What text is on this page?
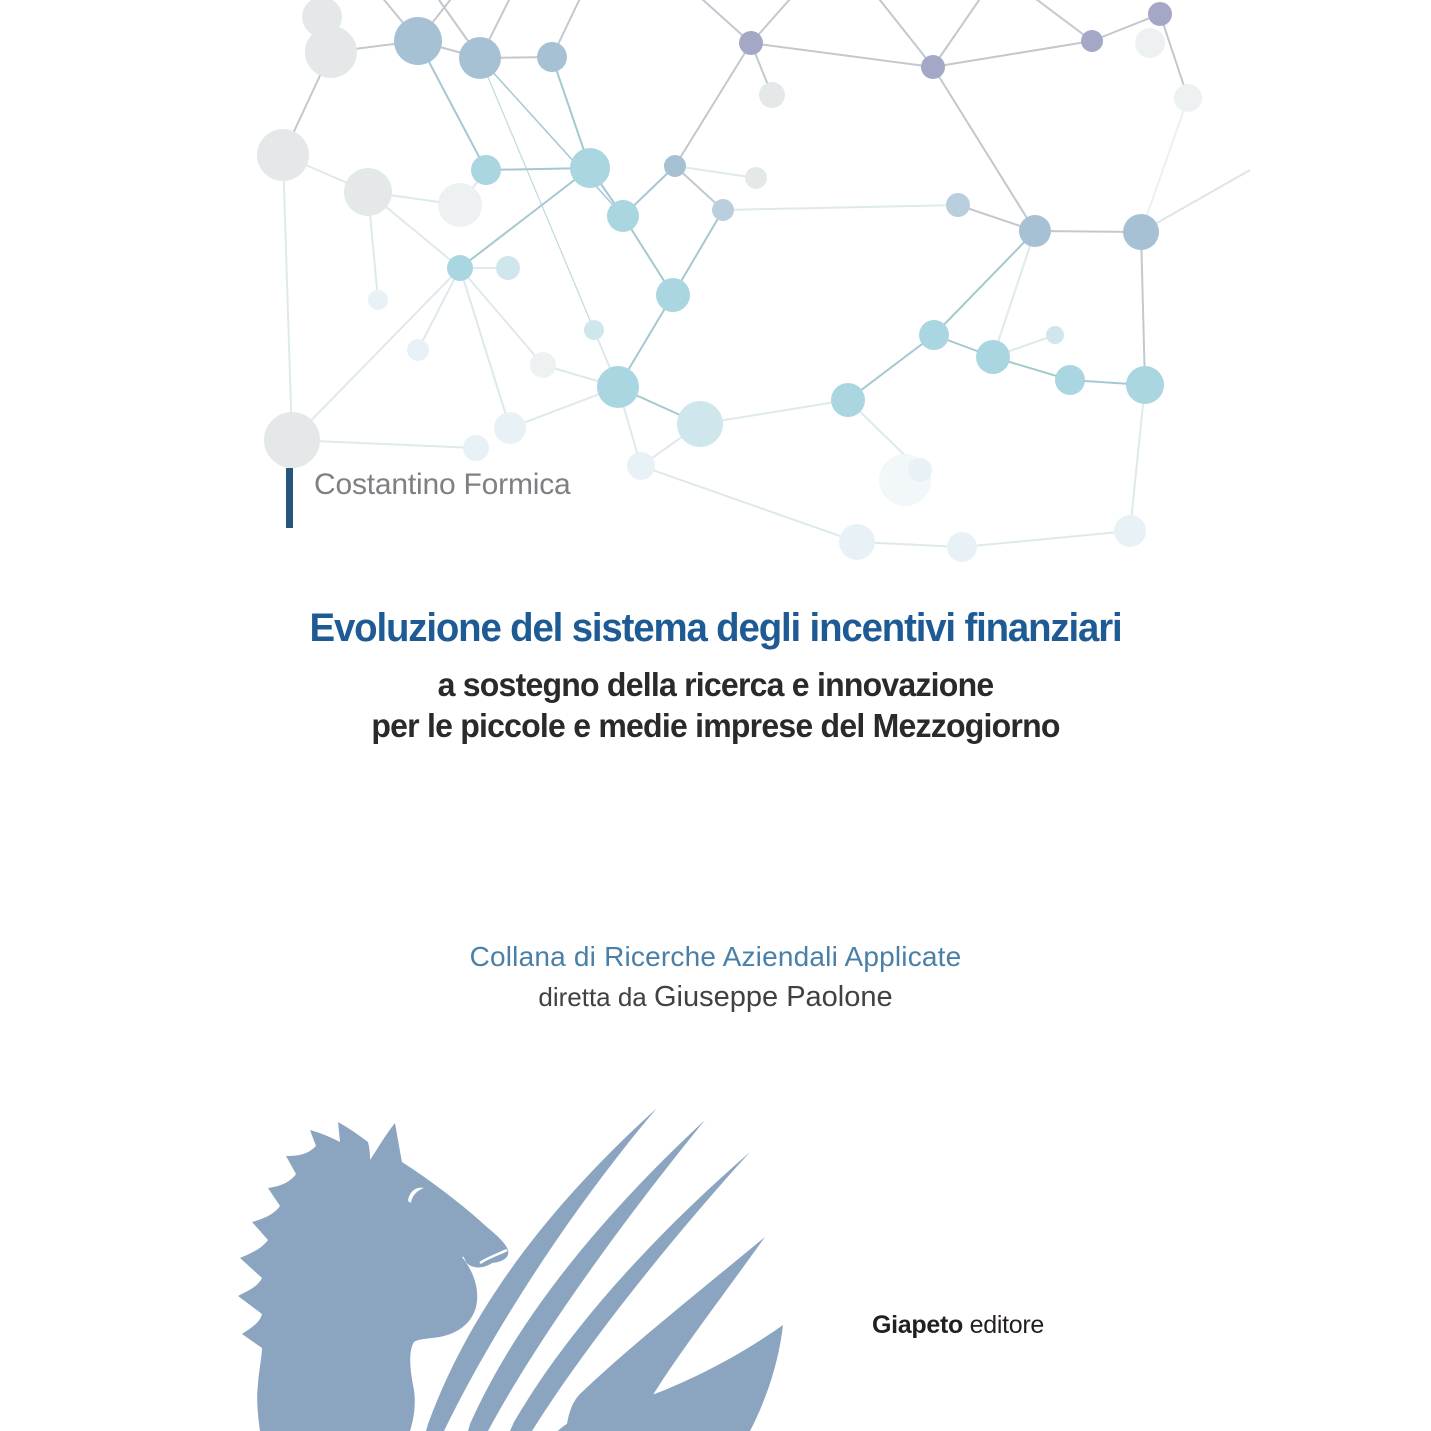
Costantino Formica
Evoluzione del sistema degli incentivi finanziari
a sostegno della ricerca e innovazione
per le piccole e medie imprese del Mezzogiorno
Collana di Ricerche Aziendali Applicate
diretta da Giuseppe Paolone
Giapeto editore
